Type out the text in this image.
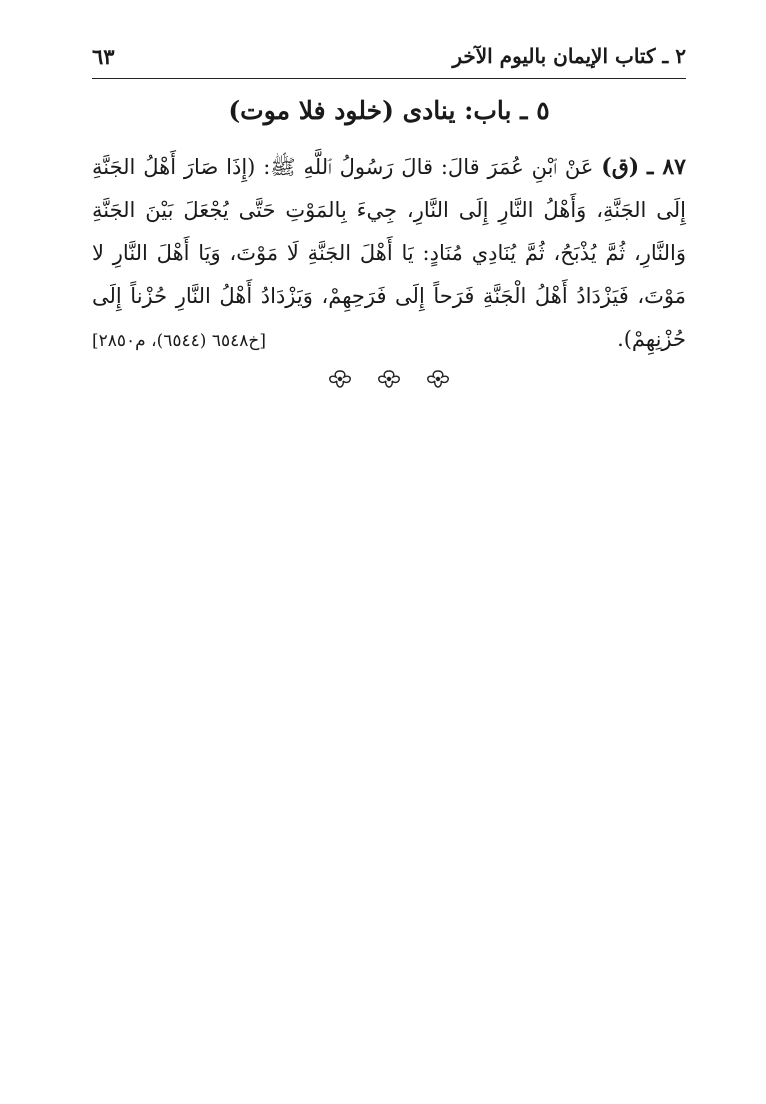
٢ ـ كتاب الإيمان باليوم الآخر
٦٣
٥ ـ باب: ينادى (خلود فلا موت)
٨٧ ـ (ق) عَنْ ٱبْنِ عُمَرَ قالَ: قالَ رَسُولُ ٱللَّهِ ﷺ: (إِذَا صَارَ أَهْلُ الجَنَّةِ إِلَى الجَنَّةِ، وَأَهْلُ النَّارِ إِلَى النَّارِ، جِيءَ بِالمَوْتِ حَتَّى يُجْعَلَ بَيْنَ الجَنَّةِ وَالنَّارِ، ثُمَّ يُذْبَحُ، ثُمَّ يُنَادِي مُنَادٍ: يَا أَهْلَ الجَنَّةِ لَا مَوْتَ، وَيَا أَهْلَ النَّارِ لا مَوْتَ، فَيَزْدَادُ أَهْلُ الْجَنَّةِ فَرَحاً إِلَى فَرَحِهِمْ، وَيَزْدَادُ أَهْلُ النَّارِ حُزْناً إِلَى حُزْنِهِمْ).
[خ٦٥٤٨ (٦٥٤٤)، م٢٨٥٠]
